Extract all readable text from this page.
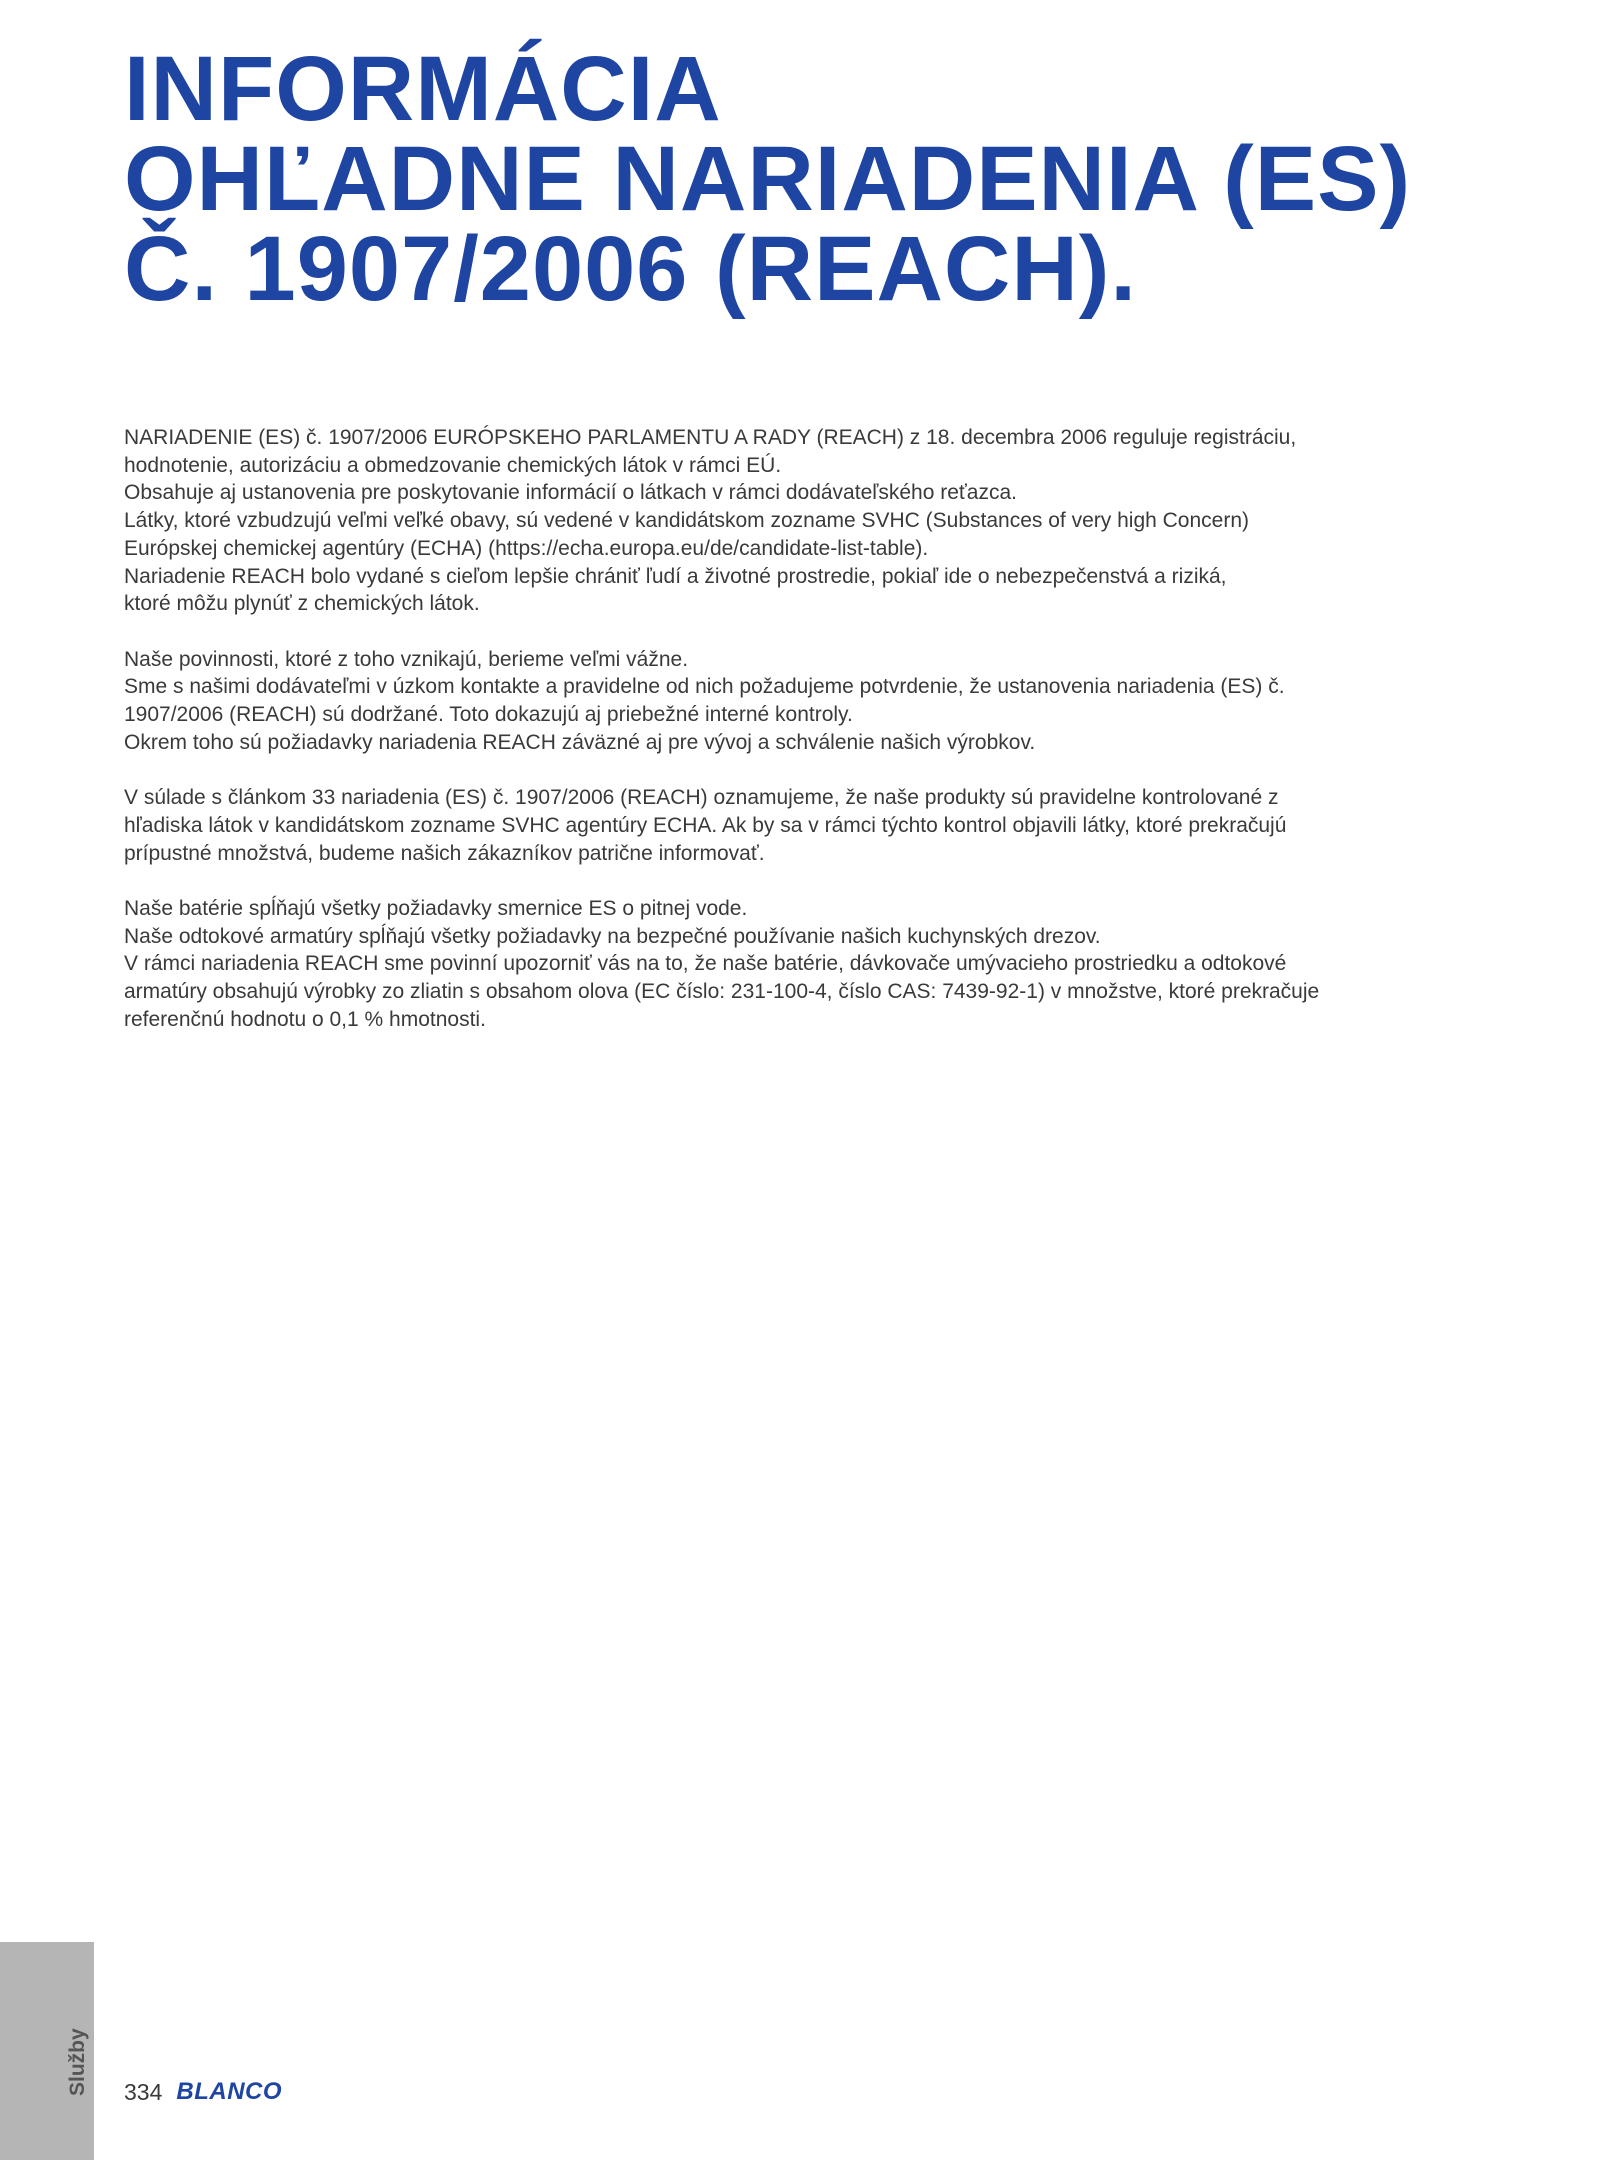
INFORMÁCIA
OHĽADNE NARIADENIA (ES)
Č. 1907/2006 (REACH).

NARIADENIE (ES) č. 1907/2006 EURÓPSKEHO PARLAMENTU A RADY (REACH) z 18. decembra 2006 reguluje registráciu,
hodnotenie, autorizáciu a obmedzovanie chemických látok v rámci EÚ.
Obsahuje aj ustanovenia pre poskytovanie informácií o látkach v rámci dodávateľského reťazca.
Látky, ktoré vzbudzujú veľmi veľké obavy, sú vedené v kandidátskom zozname SVHC (Substances of very high Concern)
Európskej chemickej agentúry (ECHA) (https://echa.europa.eu/de/candidate-list-table).
Nariadenie REACH bolo vydané s cieľom lepšie chrániť ľudí a životné prostredie, pokiaľ ide o nebezpečenstvá a riziká,
ktoré môžu plynúť z chemických látok.

Naše povinnosti, ktoré z toho vznikajú, berieme veľmi vážne.
Sme s našimi dodávateľmi v úzkom kontakte a pravidelne od nich požadujeme potvrdenie, že ustanovenia nariadenia (ES) č.
1907/2006 (REACH) sú dodržané. Toto dokazujú aj priebežné interné kontroly.
Okrem toho sú požiadavky nariadenia REACH záväzné aj pre vývoj a schválenie našich výrobkov.

V súlade s článkom 33 nariadenia (ES) č. 1907/2006 (REACH) oznamujeme, že naše produkty sú pravidelne kontrolované z
hľadiska látok v kandidátskom zozname SVHC agentúry ECHA. Ak by sa v rámci týchto kontrol objavili látky, ktoré prekračujú
prípustné množstvá, budeme našich zákazníkov patrične informovať.

Naše batérie spĺňajú všetky požiadavky smernice ES o pitnej vode.
Naše odtokové armatúry spĺňajú všetky požiadavky na bezpečné používanie našich kuchynských drezov.
V rámci nariadenia REACH sme povinní upozorniť vás na to, že naše batérie, dávkovače umývacieho prostriedku a odtokové
armatúry obsahujú výrobky zo zliatin s obsahom olova (EC číslo: 231-100-4, číslo CAS: 7439-92-1) v množstve, ktoré prekračuje
referenčnú hodnotu o 0,1 % hmotnosti.

Služby 334 BLANCO
